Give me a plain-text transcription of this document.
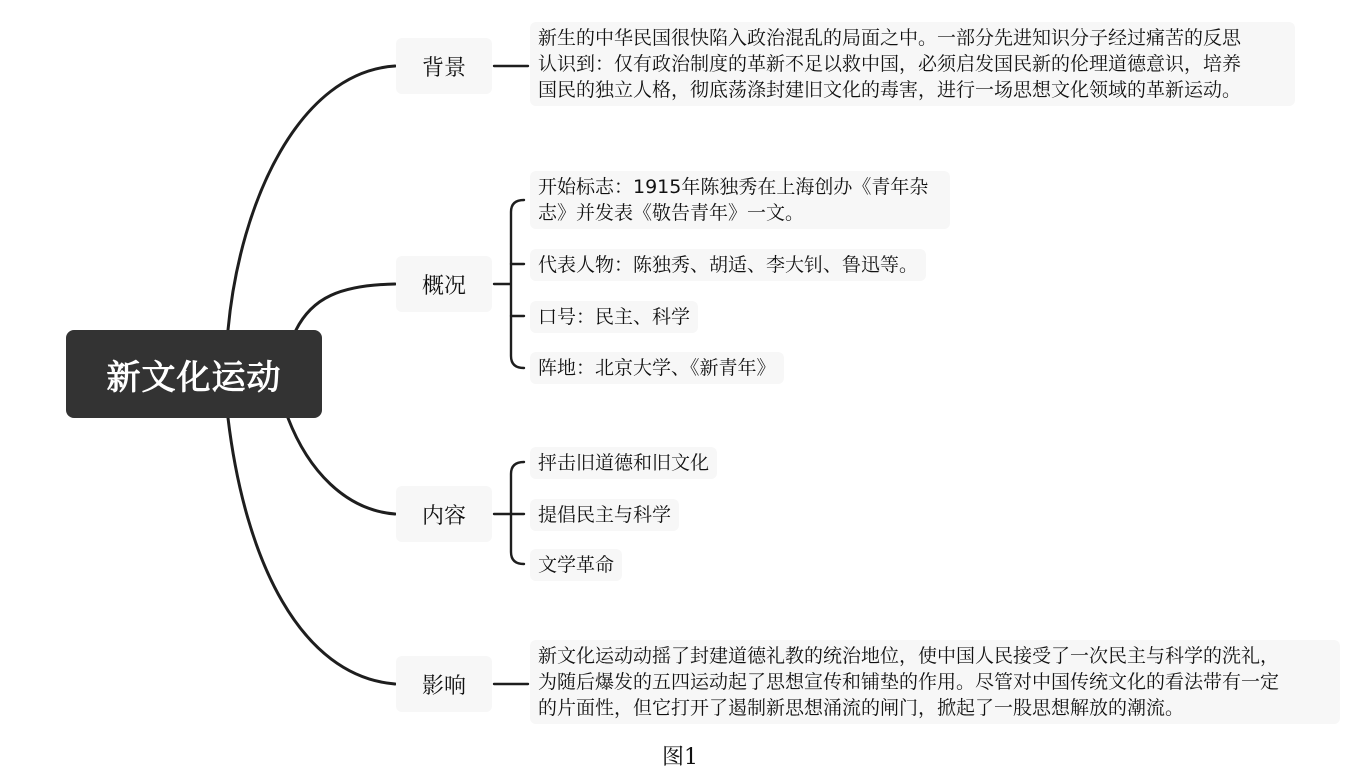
新文化运动
背景
新生的中华民国很快陷入政治混乱的局面之中。一部分先进知识分子经过痛苦的反思
认识到：仅有政治制度的革新不足以救中国，必须启发国民新的伦理道德意识，培养
国民的独立人格，彻底荡涤封建旧文化的毒害，进行一场思想文化领域的革新运动。
概况
开始标志：1915年陈独秀在上海创办《青年杂
志》并发表《敬告青年》一文。
代表人物：陈独秀、胡适、李大钊、鲁迅等。
口号：民主、科学
阵地：北京大学、《新青年》
内容
抨击旧道德和旧文化
提倡民主与科学
文学革命
影响
新文化运动动摇了封建道德礼教的统治地位，使中国人民接受了一次民主与科学的洗礼，
为随后爆发的五四运动起了思想宣传和铺垫的作用。尽管对中国传统文化的看法带有一定
的片面性，但它打开了遏制新思想涌流的闸门，掀起了一股思想解放的潮流。
图1
